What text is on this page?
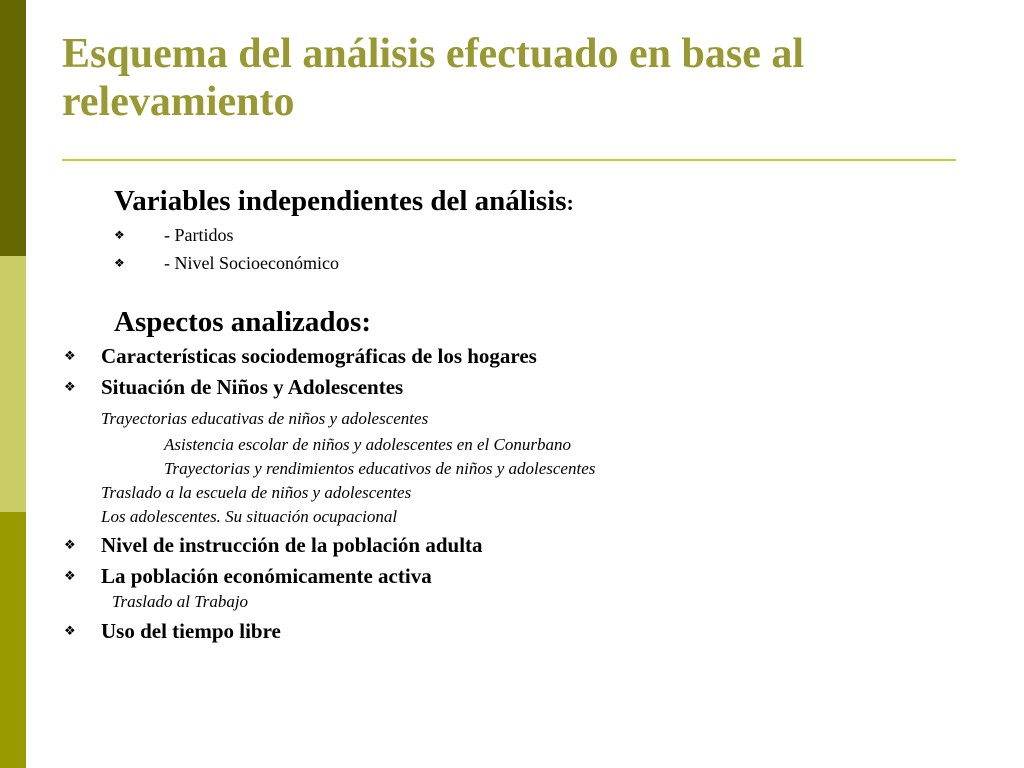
Esquema del análisis efectuado en base al relevamiento
Variables independientes del análisis:
❖ - Partidos
❖ - Nivel Socioeconómico
Aspectos analizados:
❖ Características sociodemográficas de los hogares
❖ Situación de Niños y Adolescentes
Trayectorias educativas de niños y adolescentes
Asistencia escolar de niños y adolescentes en el Conurbano
Trayectorias y rendimientos educativos de niños y adolescentes
Traslado a la escuela de niños y adolescentes
Los adolescentes. Su situación ocupacional
❖ Nivel de instrucción de la población adulta
❖ La población económicamente activa
Traslado al Trabajo
❖ Uso del tiempo libre
